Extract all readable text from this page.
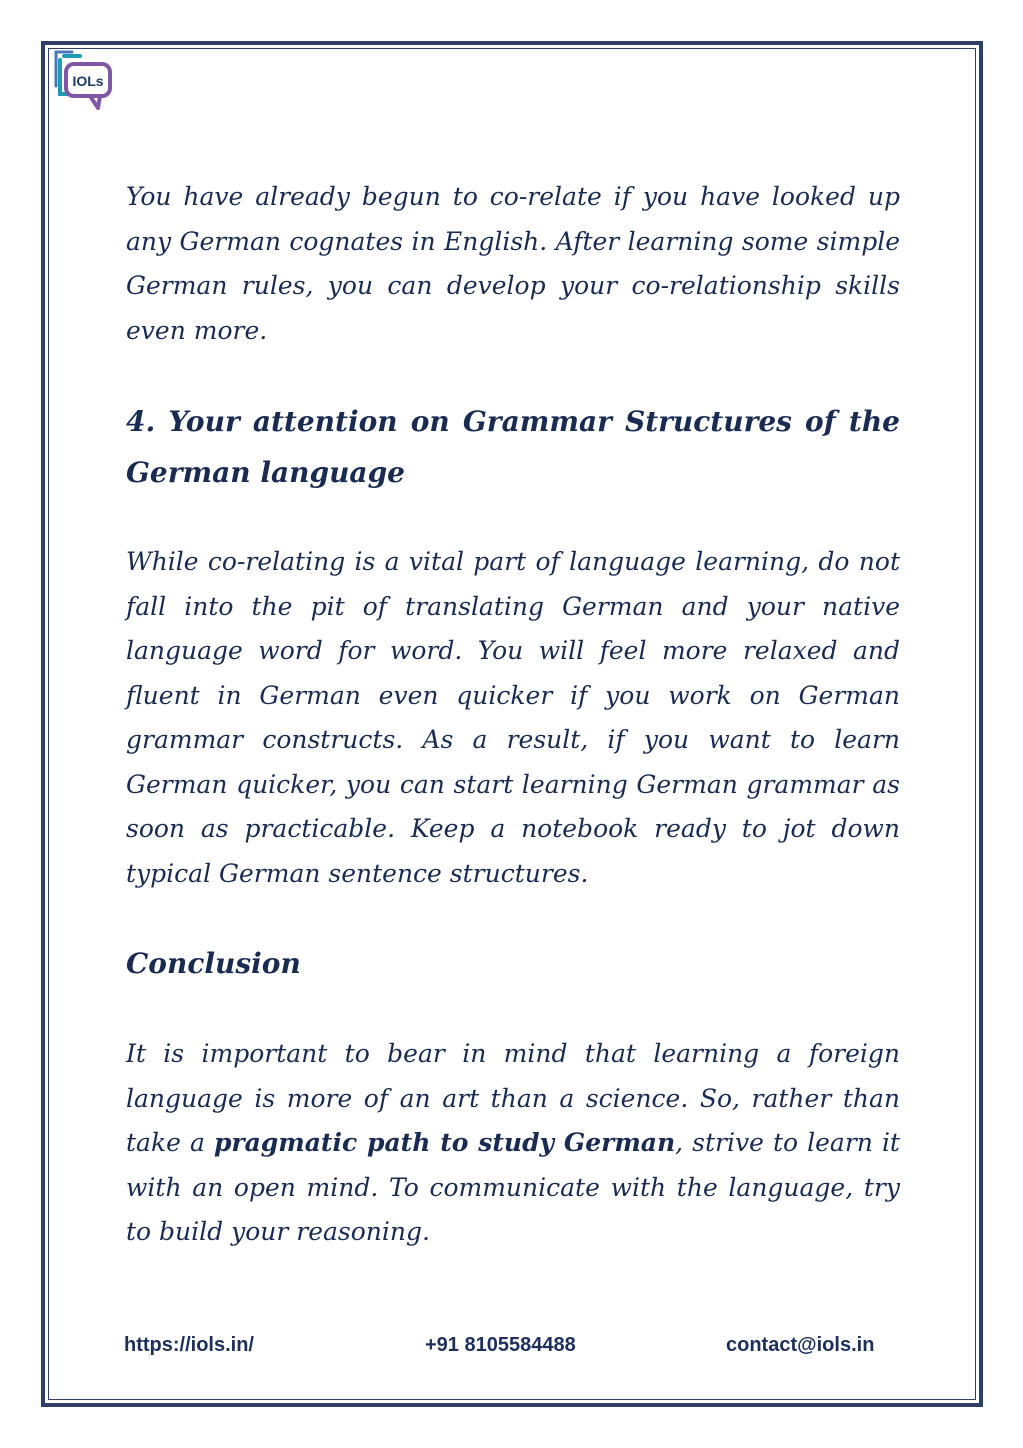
IOLs

You have already begun to co-relate if you have looked up any German cognates in English. After learning some simple German rules, you can develop your co-relationship skills even more.

4. Your attention on Grammar Structures of the German language

While co-relating is a vital part of language learning, do not fall into the pit of translating German and your native language word for word. You will feel more relaxed and fluent in German even quicker if you work on German grammar constructs. As a result, if you want to learn German quicker, you can start learning German grammar as soon as practicable. Keep a notebook ready to jot down typical German sentence structures.

Conclusion

It is important to bear in mind that learning a foreign language is more of an art than a science. So, rather than take a pragmatic path to study German, strive to learn it with an open mind. To communicate with the language, try to build your reasoning.

https://iols.in/	+91 8105584488	contact@iols.in
